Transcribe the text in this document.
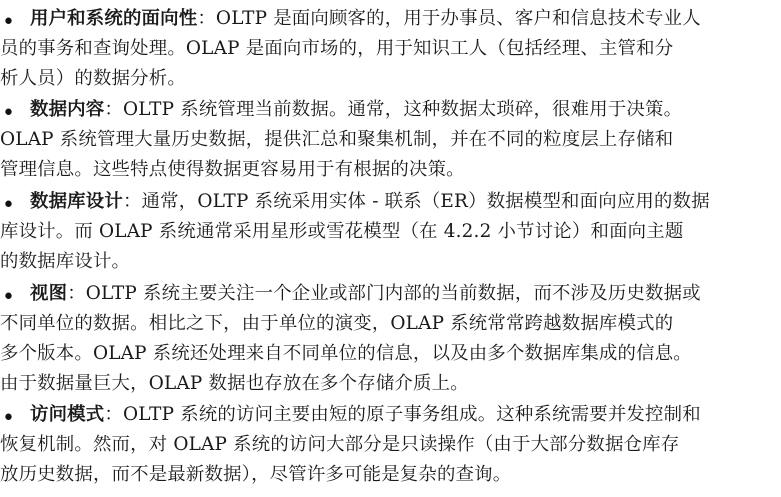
• 用户和系统的面向性：OLTP 是面向顾客的，用于办事员、客户和信息技术专业人
员的事务和查询处理。OLAP 是面向市场的，用于知识工人（包括经理、主管和分
析人员）的数据分析。
• 数据内容：OLTP 系统管理当前数据。通常，这种数据太琐碎，很难用于决策。
OLAP 系统管理大量历史数据，提供汇总和聚集机制，并在不同的粒度层上存储和
管理信息。这些特点使得数据更容易用于有根据的决策。
• 数据库设计：通常，OLTP 系统采用实体 - 联系（ER）数据模型和面向应用的数据
库设计。而 OLAP 系统通常采用星形或雪花模型（在 4.2.2 小节讨论）和面向主题
的数据库设计。
• 视图：OLTP 系统主要关注一个企业或部门内部的当前数据，而不涉及历史数据或
不同单位的数据。相比之下，由于单位的演变，OLAP 系统常常跨越数据库模式的
多个版本。OLAP 系统还处理来自不同单位的信息，以及由多个数据库集成的信息。
由于数据量巨大，OLAP 数据也存放在多个存储介质上。
• 访问模式：OLTP 系统的访问主要由短的原子事务组成。这种系统需要并发控制和
恢复机制。然而，对 OLAP 系统的访问大部分是只读操作（由于大部分数据仓库存
放历史数据，而不是最新数据），尽管许多可能是复杂的查询。
